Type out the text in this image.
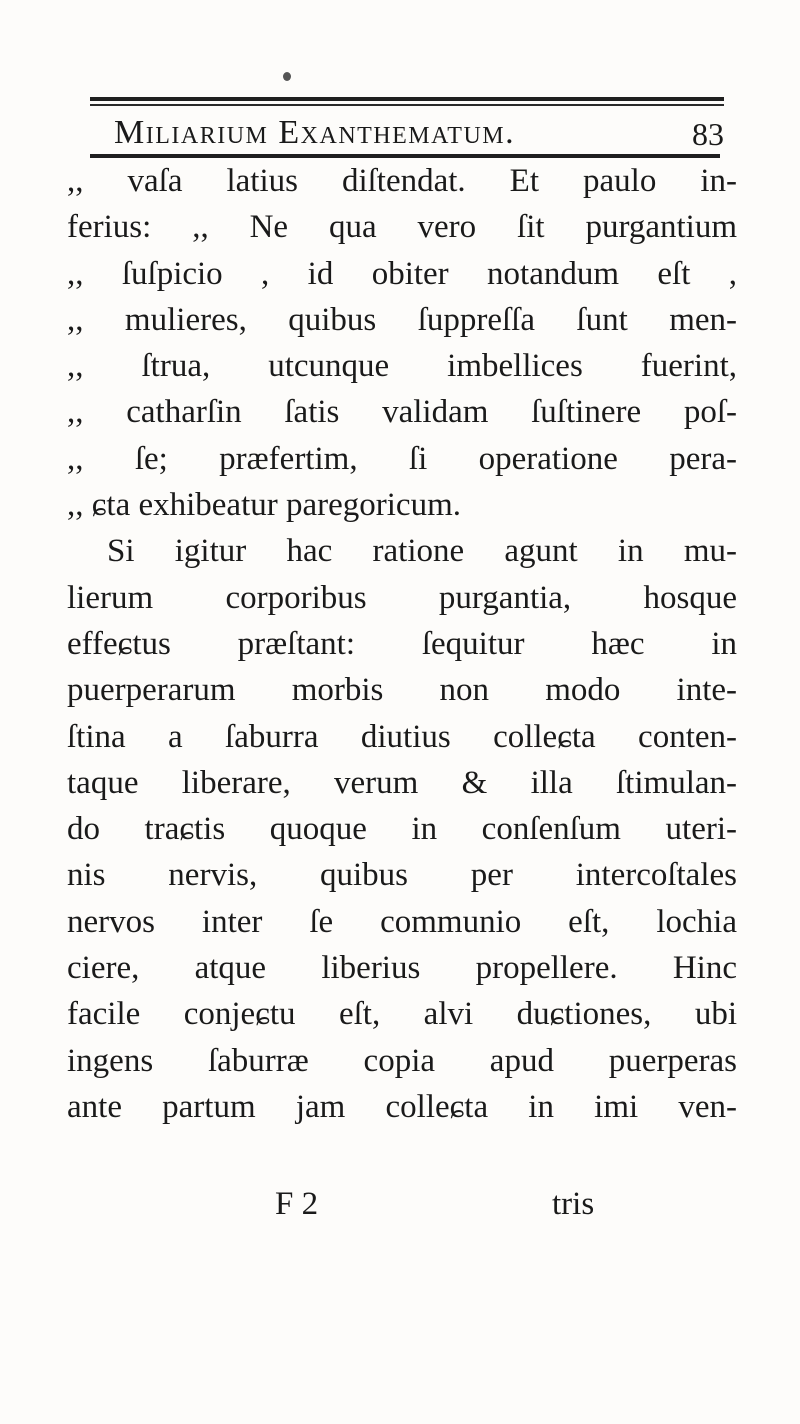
Miliarium Exanthematum.	83
,, vaſa latius diſtendat. Et paulo in-
ferius: ,, Ne qua vero ſit purgantium
,, ſuſpicio , id obiter notandum eſt ,
,, mulieres, quibus ſuppreſſa ſunt men-
,, ſtrua, utcunque imbellices fuerint,
,, catharſin ſatis validam ſuſtinere poſ-
,, ſe; præfertim, ſi operatione pera-
,, ɕta exhibeatur paregoricum.
Si igitur hac ratione agunt in mu-
lierum corporibus purgantia, hosque
effeɕtus præſtant: ſequitur hæc in
puerperarum morbis non modo inte-
ſtina a ſaburra diutius colleɕta conten-
taque liberare, verum & illa ſtimulan-
do traɕtis quoque in conſenſum uteri-
nis nervis, quibus per intercoſtales
nervos inter ſe communio eſt, lochia
ciere, atque liberius propellere. Hinc
facile conjeɕtu eſt, alvi duɕtiones, ubi
ingens ſaburræ copia apud puerperas
ante partum jam colleɕta in imi ven-
F 2	tris
